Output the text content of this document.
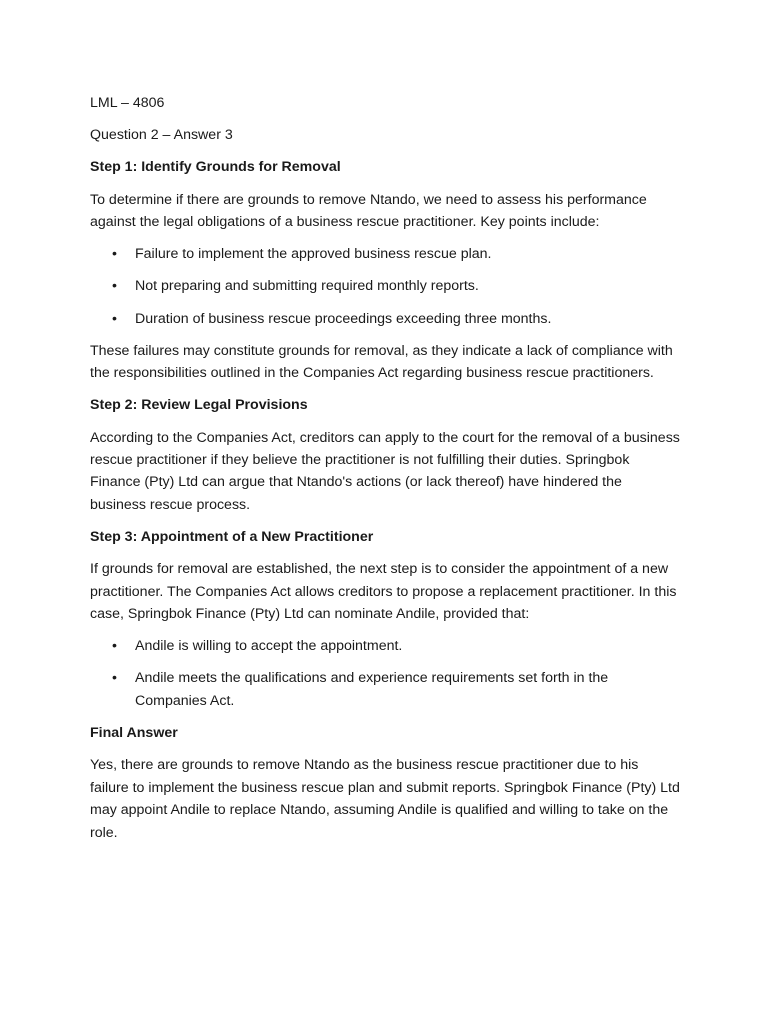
LML – 4806

Question 2 – Answer 3

Step 1: Identify Grounds for Removal

To determine if there are grounds to remove Ntando, we need to assess his performance against the legal obligations of a business rescue practitioner. Key points include:

• Failure to implement the approved business rescue plan.
• Not preparing and submitting required monthly reports.
• Duration of business rescue proceedings exceeding three months.

These failures may constitute grounds for removal, as they indicate a lack of compliance with the responsibilities outlined in the Companies Act regarding business rescue practitioners.

Step 2: Review Legal Provisions

According to the Companies Act, creditors can apply to the court for the removal of a business rescue practitioner if they believe the practitioner is not fulfilling their duties. Springbok Finance (Pty) Ltd can argue that Ntando's actions (or lack thereof) have hindered the business rescue process.

Step 3: Appointment of a New Practitioner

If grounds for removal are established, the next step is to consider the appointment of a new practitioner. The Companies Act allows creditors to propose a replacement practitioner. In this case, Springbok Finance (Pty) Ltd can nominate Andile, provided that:

• Andile is willing to accept the appointment.
• Andile meets the qualifications and experience requirements set forth in the Companies Act.

Final Answer

Yes, there are grounds to remove Ntando as the business rescue practitioner due to his failure to implement the business rescue plan and submit reports. Springbok Finance (Pty) Ltd may appoint Andile to replace Ntando, assuming Andile is qualified and willing to take on the role.
